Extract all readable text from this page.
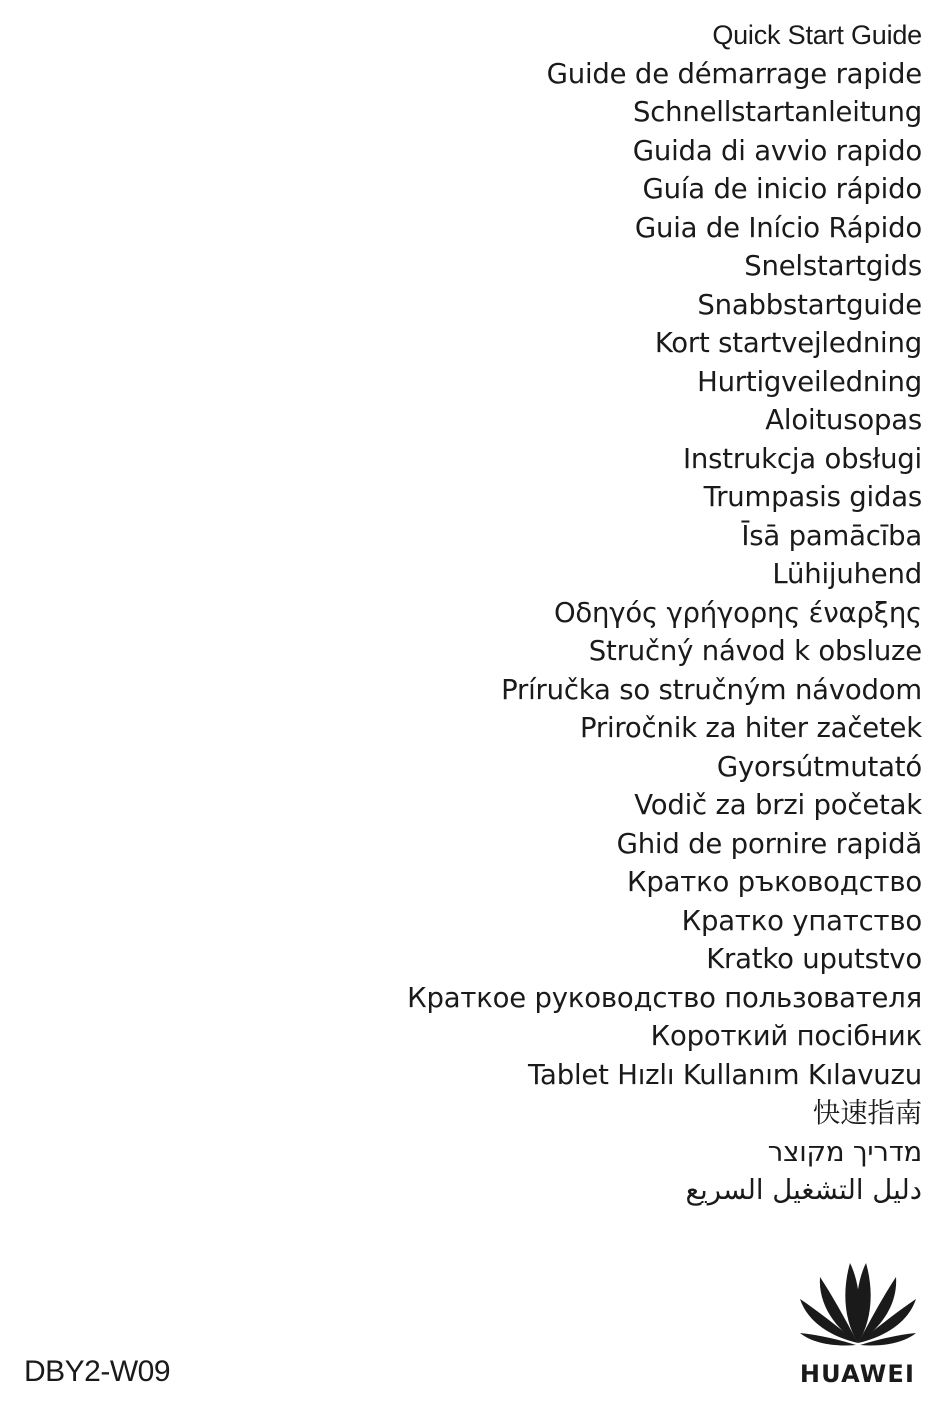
Quick Start Guide
Guide de démarrage rapide
Schnellstartanleitung
Guida di avvio rapido
Guía de inicio rápido
Guia de Início Rápido
Snelstartgids
Snabbstartguide
Kort startvejledning
Hurtigveiledning
Aloitusopas
Instrukcja obsługi
Trumpasis gidas
Īsā pamācība
Lühijuhend
Οδηγός γρήγορης έναρξης
Stručný návod k obsluze
Príručka so stručným návodom
Priročnik za hiter začetek
Gyorsútmutató
Vodič za brzi početak
Ghid de pornire rapidă
Кратко ръководство
Кратко упатство
Kratko uputstvo
Краткое руководство пользователя
Короткий посібник
Tablet Hızlı Kullanım Kılavuzu
快速指南
מדריך מקוצר
دليل التشغيل السريع
DBY2-W09	HUAWEI
